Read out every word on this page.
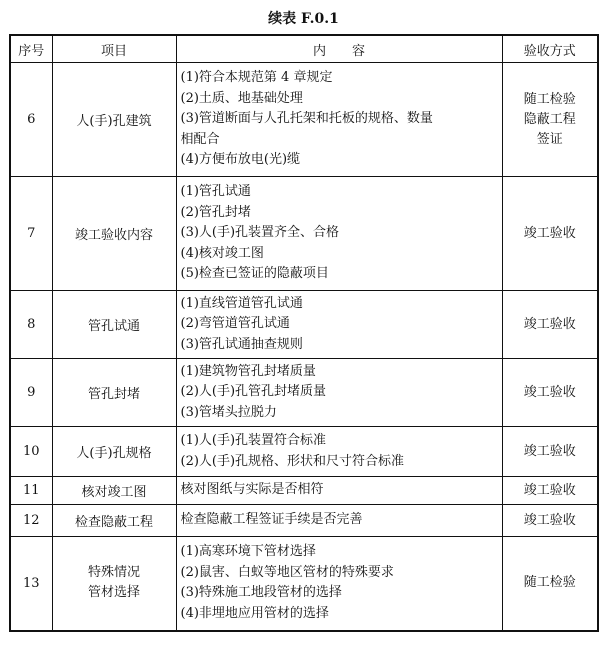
续表 F.0.1
序号	项目	内　　容	验收方式
6	人(手)孔建筑	(1)符合本规范第 4 章规定
(2)土质、地基础处理
(3)管道断面与人孔托架和托板的规格、数量
相配合
(4)方便布放电(光)缆	随工检验
隐蔽工程
签证

7	竣工验收内容	(1)管孔试通
(2)管孔封堵
(3)人(手)孔装置齐全、合格
(4)核对竣工图
(5)检查已签证的隐蔽项目	竣工验收

8	管孔试通	(1)直线管道管孔试通
(2)弯管道管孔试通
(3)管孔试通抽查规则	竣工验收

9	管孔封堵	(1)建筑物管孔封堵质量
(2)人(手)孔管孔封堵质量
(3)管堵头拉脱力	竣工验收

10	人(手)孔规格	(1)人(手)孔装置符合标准
(2)人(手)孔规格、形状和尺寸符合标准	竣工验收

11	核对竣工图	核对图纸与实际是否相符	竣工验收

12	检查隐蔽工程	检查隐蔽工程签证手续是否完善	竣工验收

13	特殊情况
管材选择	(1)高寒环境下管材选择
(2)鼠害、白蚁等地区管材的特殊要求
(3)特殊施工地段管材的选择
(4)非埋地应用管材的选择	随工检验
